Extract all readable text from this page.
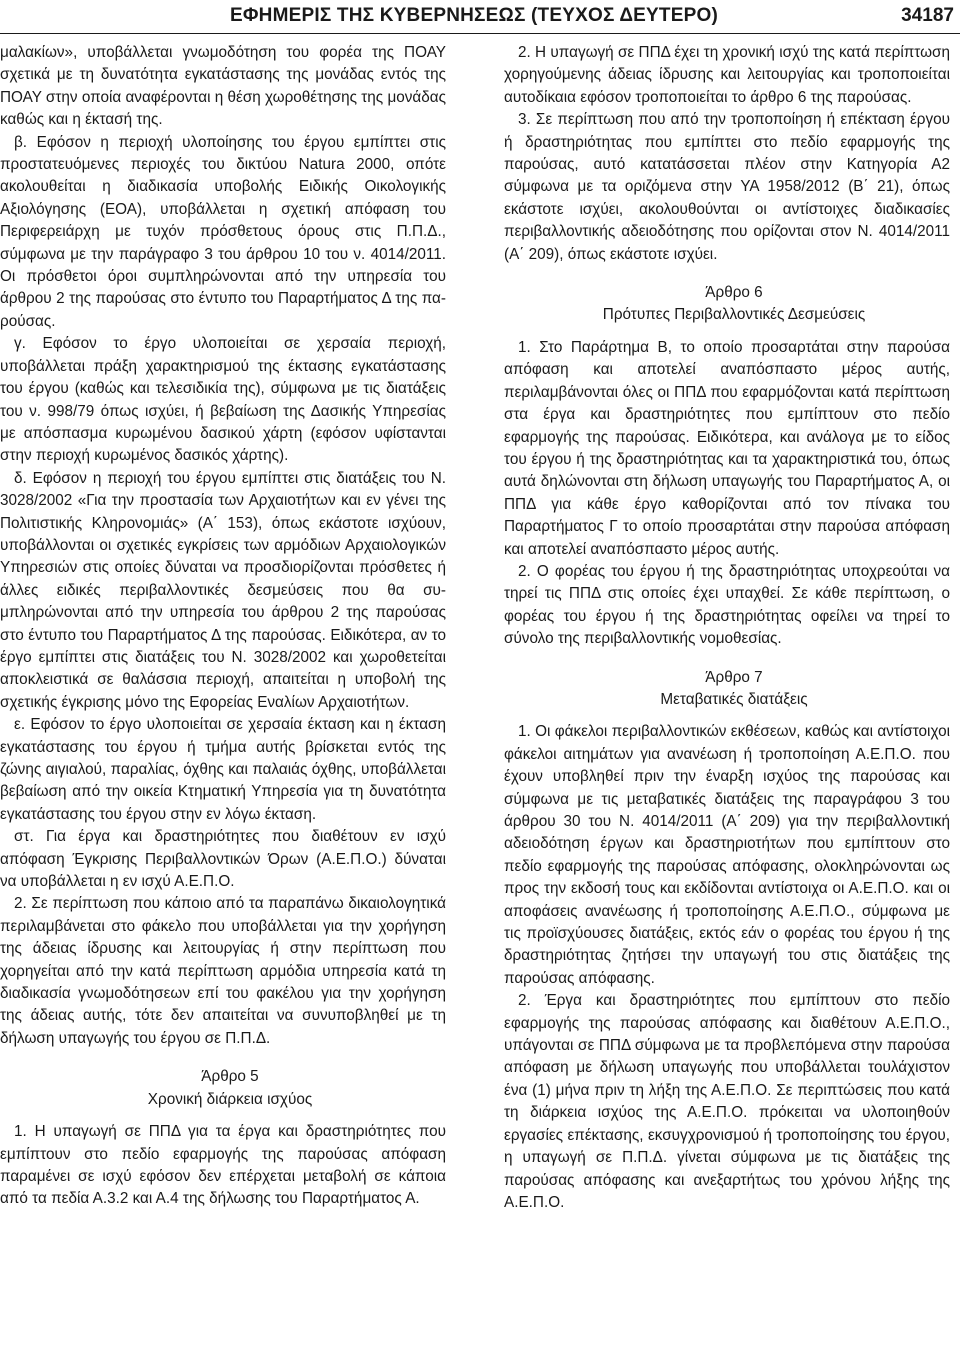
ΕΦΗΜΕΡΙΣ ΤΗΣ ΚΥΒΕΡΝΗΣΕΩΣ (ΤΕΥΧΟΣ ΔΕΥΤΕΡΟ)	34187

μαλακίων», υποβάλλεται γνωμοδότηση του φορέα της ΠΟΑΥ σχετικά με τη δυνατότητα εγκατάστασης της μονάδας εντός της ΠΟΑΥ στην οποία αναφέρονται η θέση χωροθέτησης της μονάδας καθώς και η έκτασή της.

β. Εφόσον η περιοχή υλοποίησης του έργου εμπίπτει στις προστατευόμενες περιοχές του δικτύου Natura 2000, οπότε ακολουθείται η διαδικασία υποβολής Ειδικής Οικολογικής Αξιολόγησης (ΕΟΑ), υποβάλλεται η σχετική απόφαση του Περιφερειάρχη με τυχόν πρόσθετους όρους στις Π.Π.Δ., σύμφωνα με την παράγραφο 3 του άρθρου 10 του ν. 4014/2011. Οι πρόσθετοι όροι συμπληρώνονται από την υπηρεσία του άρθρου 2 της παρούσας στο έντυπο του Παραρτήματος Δ της παρούσας.

γ. Εφόσον το έργο υλοποιείται σε χερσαία περιοχή, υποβάλλεται πράξη χαρακτηρισμού της έκτασης εγκατάστασης του έργου (καθώς και τελεσιδικία της), σύμφωνα με τις διατάξεις του ν. 998/79 όπως ισχύει, ή βεβαίωση της Δασικής Υπηρεσίας με απόσπασμα κυρωμένου δασικού χάρτη (εφόσον υφίστανται στην περιοχή κυρωμένος δασικός χάρτης).

δ. Εφόσον η περιοχή του έργου εμπίπτει στις διατάξεις του Ν. 3028/2002 «Για την προστασία των Αρχαιοτήτων και εν γένει της Πολιτιστικής Κληρονομιάς» (Α΄ 153), όπως εκάστοτε ισχύουν, υποβάλλονται οι σχετικές εγκρίσεις των αρμόδιων Αρχαιολογικών Υπηρεσιών στις οποίες δύναται να προσδιορίζονται πρόσθετες ή άλλες ειδικές περιβαλλοντικές δεσμεύσεις που θα συμπληρώνονται από την υπηρεσία του άρθρου 2 της παρούσας στο έντυπο του Παραρτήματος Δ της παρούσας. Ειδικότερα, αν το έργο εμπίπτει στις διατάξεις του Ν. 3028/2002 και χωροθετείται αποκλειστικά σε θαλάσσια περιοχή, απαιτείται η υποβολή της σχετικής έγκρισης μόνο της Εφορείας Εναλίων Αρχαιοτήτων.

ε. Εφόσον το έργο υλοποιείται σε χερσαία έκταση και η έκταση εγκατάστασης του έργου ή τμήμα αυτής βρίσκεται εντός της ζώνης αιγιαλού, παραλίας, όχθης και παλαιάς όχθης, υποβάλλεται βεβαίωση από την οικεία Κτηματική Υπηρεσία για τη δυνατότητα εγκατάστασης του έργου στην εν λόγω έκταση.

στ. Για έργα και δραστηριότητες που διαθέτουν εν ισχύ απόφαση Έγκρισης Περιβαλλοντικών Όρων (Α.Ε.Π.Ο.) δύναται να υποβάλλεται η εν ισχύ Α.Ε.Π.Ο.

2. Σε περίπτωση που κάποιο από τα παραπάνω δικαιολογητικά περιλαμβάνεται στο φάκελο που υποβάλλεται για την χορήγηση της άδειας ίδρυσης και λειτουργίας ή στην περίπτωση που χορηγείται από την κατά περίπτωση αρμόδια υπηρεσία κατά τη διαδικασία γνωμοδότησεων επί του φακέλου για την χορήγηση της άδειας αυτής, τότε δεν απαιτείται να συνυποβληθεί με τη δήλωση υπαγωγής του έργου σε Π.Π.Δ.

Άρθρο 5

Χρονική διάρκεια ισχύος

1. Η υπαγωγή σε ΠΠΔ για τα έργα και δραστηριότητες που εμπίπτουν στο πεδίο εφαρμογής της παρούσας απόφαση παραμένει σε ισχύ εφόσον δεν επέρχεται μεταβολή σε κάποια από τα πεδία Α.3.2 και Α.4 της δήλωσης του Παραρτήματος Α.

2. Η υπαγωγή σε ΠΠΔ έχει τη χρονική ισχύ της κατά περίπτωση χορηγούμενης άδειας ίδρυσης και λειτουργίας και τροποποιείται αυτοδίκαια εφόσον τροποποιείται το άρθρο 6 της παρούσας.

3. Σε περίπτωση που από την τροποποίηση ή επέκταση έργου ή δραστηριότητας που εμπίπτει στο πεδίο εφαρμογής της παρούσας, αυτό κατατάσσεται πλέον στην Κατηγορία Α2 σύμφωνα με τα οριζόμενα στην ΥΑ 1958/2012 (Β΄ 21), όπως εκάστοτε ισχύει, ακολουθούνται οι αντίστοιχες διαδικασίες περιβαλλοντικής αδειοδότησης που ορίζονται στον Ν. 4014/2011 (Α΄ 209), όπως εκάστοτε ισχύει.

Άρθρο 6

Πρότυπες Περιβαλλοντικές Δεσμεύσεις

1. Στο Παράρτημα Β, το οποίο προσαρτάται στην παρούσα απόφαση και αποτελεί αναπόσπαστο μέρος αυτής, περιλαμβάνονται όλες οι ΠΠΔ που εφαρμόζονται κατά περίπτωση στα έργα και δραστηριότητες που εμπίπτουν στο πεδίο εφαρμογής της παρούσας. Ειδικότερα, και ανάλογα με το είδος του έργου ή της δραστηριότητας και τα χαρακτηριστικά του, όπως αυτά δηλώνονται στη δήλωση υπαγωγής του Παραρτήματος Α, οι ΠΠΔ για κάθε έργο καθορίζονται από τον πίνακα του Παραρτήματος Γ το οποίο προσαρτάται στην παρούσα απόφαση και αποτελεί αναπόσπαστο μέρος αυτής.

2. Ο φορέας του έργου ή της δραστηριότητας υποχρεούται να τηρεί τις ΠΠΔ στις οποίες έχει υπαχθεί. Σε κάθε περίπτωση, ο φορέας του έργου ή της δραστηριότητας οφείλει να τηρεί το σύνολο της περιβαλλοντικής νομοθεσίας.

Άρθρο 7

Μεταβατικές διατάξεις

1. Οι φάκελοι περιβαλλοντικών εκθέσεων, καθώς και αντίστοιχοι φάκελοι αιτημάτων για ανανέωση ή τροποποίηση Α.Ε.Π.Ο. που έχουν υποβληθεί πριν την έναρξη ισχύος της παρούσας και σύμφωνα με τις μεταβατικές διατάξεις της παραγράφου 3 του άρθρου 30 του Ν. 4014/2011 (Α΄ 209) για την περιβαλλοντική αδειοδότηση έργων και δραστηριοτήτων που εμπίπτουν στο πεδίο εφαρμογής της παρούσας απόφασης, ολοκληρώνονται ως προς την εκδοσή τους και εκδίδονται αντίστοιχα οι Α.Ε.Π.Ο. και οι αποφάσεις ανανέωσης ή τροποποίησης Α.Ε.Π.Ο., σύμφωνα με τις προϊσχύουσες διατάξεις, εκτός εάν ο φορέας του έργου ή της δραστηριότητας ζητήσει την υπαγωγή του στις διατάξεις της παρούσας απόφασης.

2. Έργα και δραστηριότητες που εμπίπτουν στο πεδίο εφαρμογής της παρούσας απόφασης και διαθέτουν Α.Ε.Π.Ο., υπάγονται σε ΠΠΔ σύμφωνα με τα προβλεπόμενα στην παρούσα απόφαση με δήλωση υπαγωγής που υποβάλλεται τουλάχιστον ένα (1) μήνα πριν τη λήξη της Α.Ε.Π.Ο. Σε περιπτώσεις που κατά τη διάρκεια ισχύος της Α.Ε.Π.Ο. πρόκειται να υλοποιηθούν εργασίες επέκτασης, εκσυγχρονισμού ή τροποποίησης του έργου, η υπαγωγή σε Π.Π.Δ. γίνεται σύμφωνα με τις διατάξεις της παρούσας απόφασης και ανεξαρτήτως του χρόνου λήξης της Α.Ε.Π.Ο.
